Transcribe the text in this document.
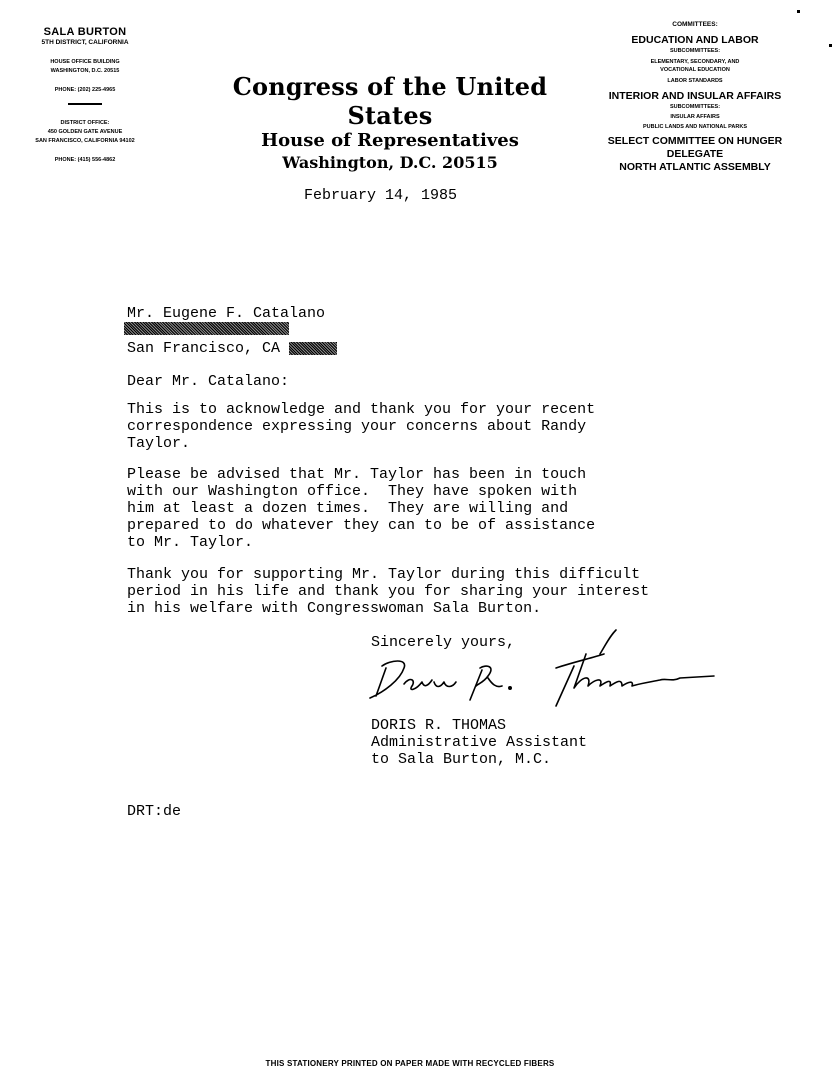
SALA BURTON
5TH DISTRICT, CALIFORNIA
HOUSE OFFICE BUILDING
WASHINGTON, D.C. 20515
PHONE: (202) 225-4965
DISTRICT OFFICE:
450 GOLDEN GATE AVENUE
SAN FRANCISCO, CALIFORNIA 94102
PHONE: (415) 556-4862
Congress of the United States
House of Representatives
Washington, D.C. 20515
COMMITTEES:
EDUCATION AND LABOR
SUBCOMMITTEES:
ELEMENTARY, SECONDARY, AND
VOCATIONAL EDUCATION
LABOR STANDARDS
INTERIOR AND INSULAR AFFAIRS
SUBCOMMITTEES:
INSULAR AFFAIRS
PUBLIC LANDS AND NATIONAL PARKS
SELECT COMMITTEE ON HUNGER
DELEGATE
NORTH ATLANTIC ASSEMBLY
February 14, 1985
Mr. Eugene F. Catalano
San Francisco, CA
Dear Mr. Catalano:
This is to acknowledge and thank you for your recent
correspondence expressing your concerns about Randy
Taylor.
Please be advised that Mr. Taylor has been in touch
with our Washington office.  They have spoken with
him at least a dozen times.  They are willing and
prepared to do whatever they can to be of assistance
to Mr. Taylor.
Thank you for supporting Mr. Taylor during this difficult
period in his life and thank you for sharing your interest
in his welfare with Congresswoman Sala Burton.
Sincerely yours,
DORIS R. THOMAS
Administrative Assistant
to Sala Burton, M.C.
DRT:de
THIS STATIONERY PRINTED ON PAPER MADE WITH RECYCLED FIBERS
